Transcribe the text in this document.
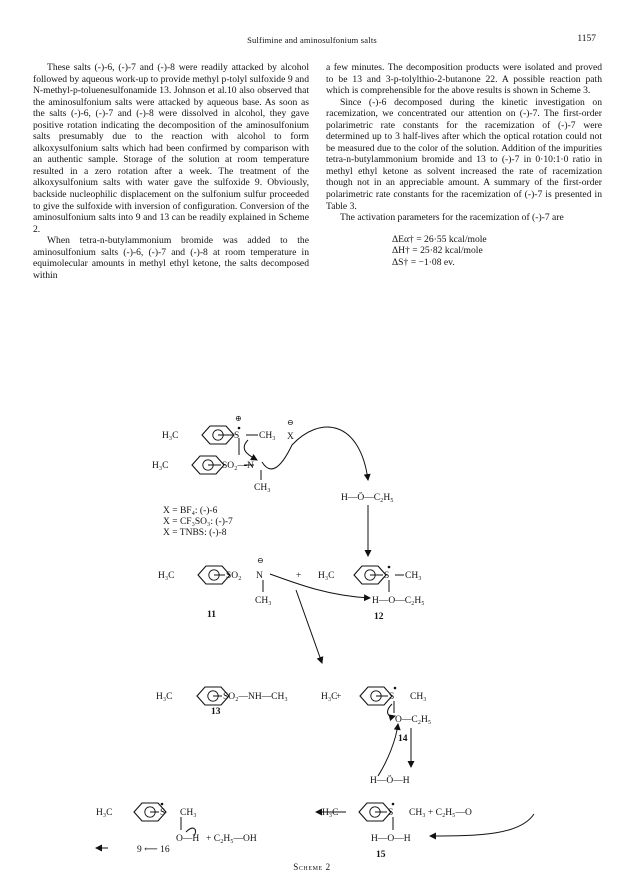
Sulfimine and aminosulfonium salts	1157

These salts (-)-6, (-)-7 and (-)-8 were readily attacked by alcohol followed by aqueous work-up to provide methyl p-tolyl sulfoxide 9 and N-methyl-p-toluenesulfonamide 13. Johnson et al.10 also observed that the aminosulfonium salts were attacked by aqueous base. As soon as the salts (-)-6, (-)-7 and (-)-8 were dissolved in alcohol, they gave positive rotation indicating the decomposition of the aminosulfonium salts presumably due to the reaction with alcohol to form alkoxysulfonium salts which had been confirmed by comparison with an authentic sample. Storage of the solution at room temperature resulted in a zero rotation after a week. The treatment of the alkoxysulfonium salts with water gave the sulfoxide 9. Obviously, backside nucleophilic displacement on the sulfonium sulfur proceeded to give the sulfoxide with inversion of configuration. Conversion of the aminosulfonium salts into 9 and 13 can be readily explained in Scheme 2.

When tetra-n-butylammonium bromide was added to the aminosulfonium salts (-)-6, (-)-7 and (-)-8 at room temperature in equimolecular amounts in methyl ethyl ketone, the salts decomposed within

a few minutes. The decomposition products were isolated and proved to be 13 and 3-p-tolylthio-2-butanone 22. A possible reaction path which is comprehensible for the above results is shown in Scheme 3.

Since (-)-6 decomposed during the kinetic investigation on racemization, we concentrated our attention on (-)-7. The first-order polarimetric rate constants for the racemization of (-)-7 were determined up to 3 half-lives after which the optical rotation could not be measured due to the color of the solution. Addition of the impurities tetra-n-butylammonium bromide and 13 to (-)-7 in 0·10:1·0 ratio in methyl ethyl ketone as solvent increased the rate of racemization though not in an appreciable amount. A summary of the first-order polarimetric rate constants for the racemization of (-)-7 is presented in Table 3.

The activation parameters for the racemization of (-)-7 are

ΔEα† = 26·55 kcal/mole
ΔH† = 25·82 kcal/mole
ΔS† = −1·08 ev.
H₃C	S
⊕
CH₃ X
⊖
H₃C	SO₂—N
CH₃
H—Ö—C₂H₅
X = BF₄: (-)-6
X = CF₃SO₃: (-)-7
X = TNBS: (-)-8
H₃C	SO₂ N
⊖
CH₃
+ H₃C	S CH₃
H—O—C₂H₅
H₃C	SO₂—NH—CH₃	+
H₃C	S CH₃
O—C₂H₅
H—Ö—H
H₃C	S CH₃
O—H + C₂H₅—OH
9 ⟵ 16
H₃C	S CH₃ + C₂H₅—O
H—O—H
11	12
13
14
15
Scheme 2
